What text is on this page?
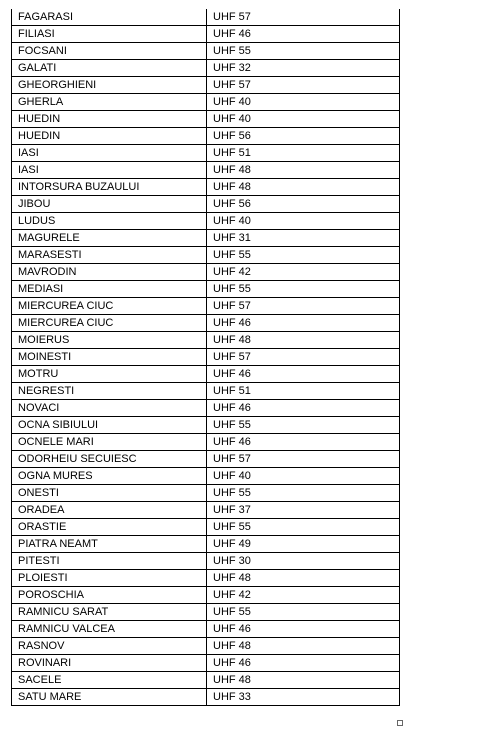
FAGARASI	UHF 57
FILIASI	UHF 46
FOCSANI	UHF 55
GALATI	UHF 32
GHEORGHIENI	UHF 57
GHERLA	UHF 40
HUEDIN	UHF 40
HUEDIN	UHF 56
IASI	UHF 51
IASI	UHF 48
INTORSURA BUZAULUI	UHF 48
JIBOU	UHF 56
LUDUS	UHF 40
MAGURELE	UHF 31
MARASESTI	UHF 55
MAVRODIN	UHF 42
MEDIASI	UHF 55
MIERCUREA CIUC	UHF 57
MIERCUREA CIUC	UHF 46
MOIERUS	UHF 48
MOINESTI	UHF 57
MOTRU	UHF 46
NEGRESTI	UHF 51
NOVACI	UHF 46
OCNA SIBIULUI	UHF 55
OCNELE MARI	UHF 46
ODORHEIU SECUIESC	UHF 57
OGNA MURES	UHF 40
ONESTI	UHF 55
ORADEA	UHF 37
ORASTIE	UHF 55
PIATRA NEAMT	UHF 49
PITESTI	UHF 30
PLOIESTI	UHF 48
POROSCHIA	UHF 42
RAMNICU SARAT	UHF 55
RAMNICU VALCEA	UHF 46
RASNOV	UHF 48
ROVINARI	UHF 46
SACELE	UHF 48
SATU MARE	UHF 33
